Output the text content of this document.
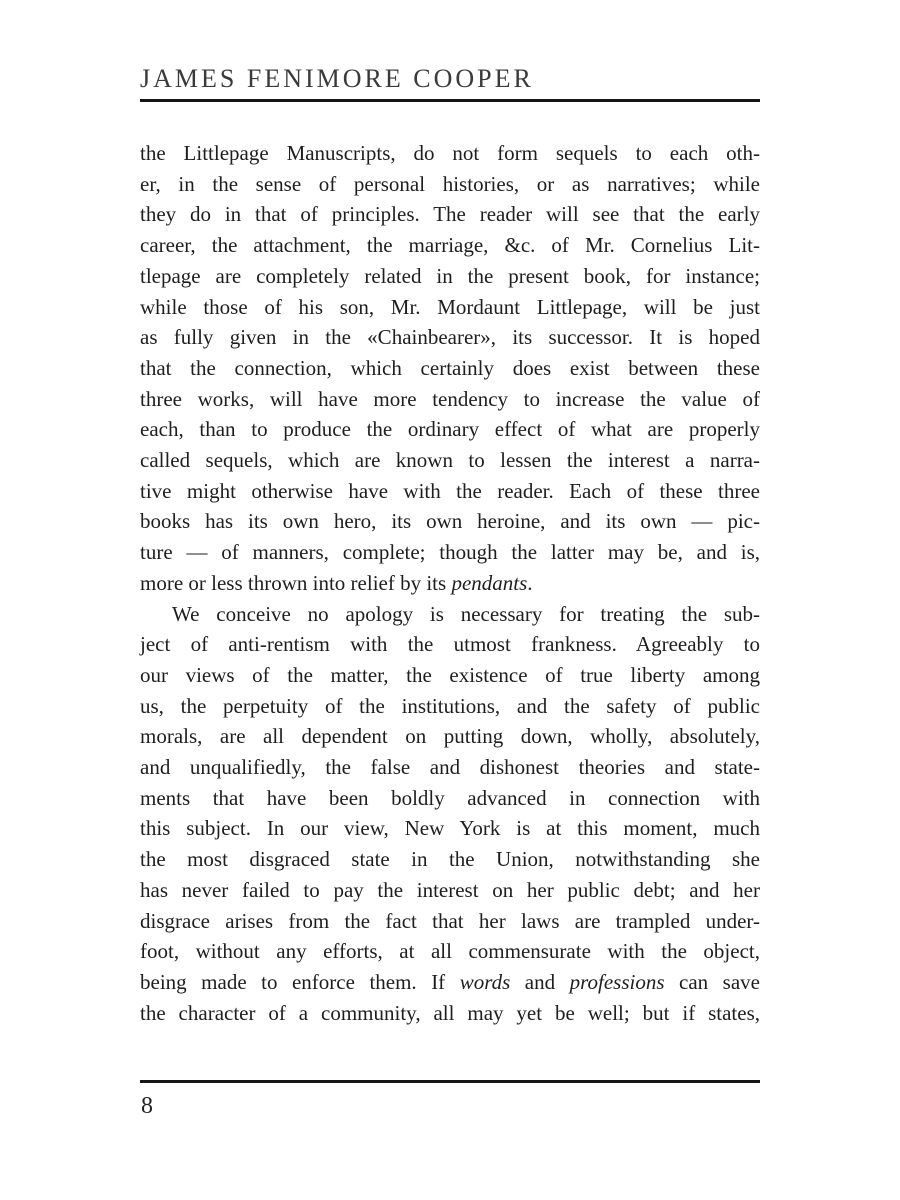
JAMES FENIMORE COOPER
the Littlepage Manuscripts, do not form sequels to each oth-
er, in the sense of personal histories, or as narratives; while
they do in that of principles. The reader will see that the early
career, the attachment, the marriage, &c. of Mr. Cornelius Lit-
tlepage are completely related in the present book, for instance;
while those of his son, Mr. Mordaunt Littlepage, will be just
as fully given in the «Chainbearer», its successor. It is hoped
that the connection, which certainly does exist between these
three works, will have more tendency to increase the value of
each, than to produce the ordinary effect of what are properly
called sequels, which are known to lessen the interest a narra-
tive might otherwise have with the reader. Each of these three
books has its own hero, its own heroine, and its own — pic-
ture — of manners, complete; though the latter may be, and is,
more or less thrown into relief by its pendants.
We conceive no apology is necessary for treating the sub-
ject of anti-rentism with the utmost frankness. Agreeably to
our views of the matter, the existence of true liberty among
us, the perpetuity of the institutions, and the safety of public
morals, are all dependent on putting down, wholly, absolutely,
and unqualifiedly, the false and dishonest theories and state-
ments that have been boldly advanced in connection with
this subject. In our view, New York is at this moment, much
the most disgraced state in the Union, notwithstanding she
has never failed to pay the interest on her public debt; and her
disgrace arises from the fact that her laws are trampled under-
foot, without any efforts, at all commensurate with the object,
being made to enforce them. If words and professions can save
the character of a community, all may yet be well; but if states,
8
